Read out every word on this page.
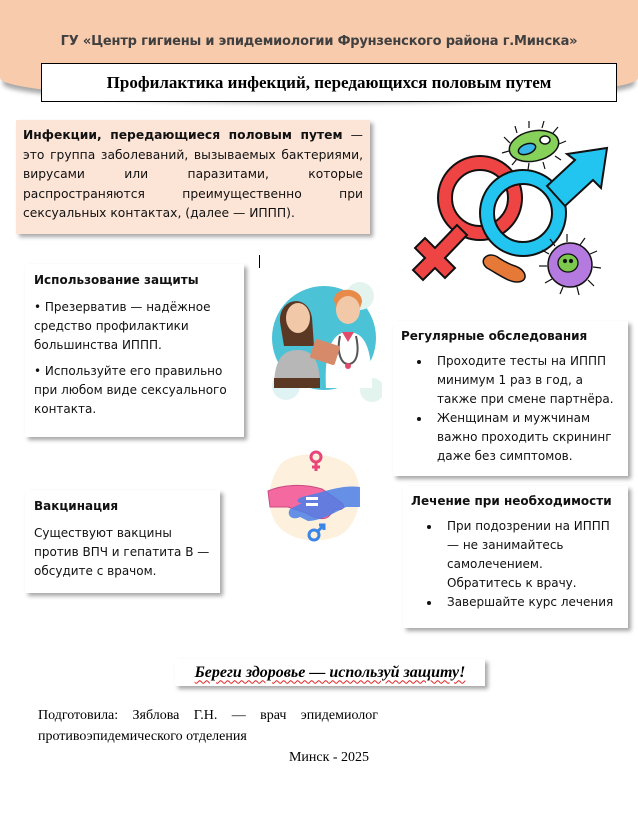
ГУ «Центр гигиены и эпидемиологии Фрунзенского района г.Минска»
Профилактика инфекций, передающихся половым путем
Инфекции, передающиеся половым путем — это группа заболеваний, вызываемых бактериями, вирусами или паразитами, которые распространяются преимущественно при сексуальных контактах, (далее — ИППП).
Использование защиты

• Презерватив — надёжное средство профилактики большинства ИППП.

• Используйте его правильно при любом виде сексуального контакта.

Регулярные обследования
• Проходите тесты на ИППП минимум 1 раз в год, а также при смене партнёра.
• Женщинам и мужчинам важно проходить скрининг даже без симптомов.
Вакцинация

Существуют вакцины против ВПЧ и гепатита В — обсудите с врачом.

Лечение при необходимости
• При подозрении на ИППП — не занимайтесь самолечением. Обратитесь к врачу.
• Завершайте курс лечения
Береги здоровье — используй защиту!
Подготовила: Зяблова Г.Н. — врач эпидемиолог противоэпидемического отделения
Минск - 2025
